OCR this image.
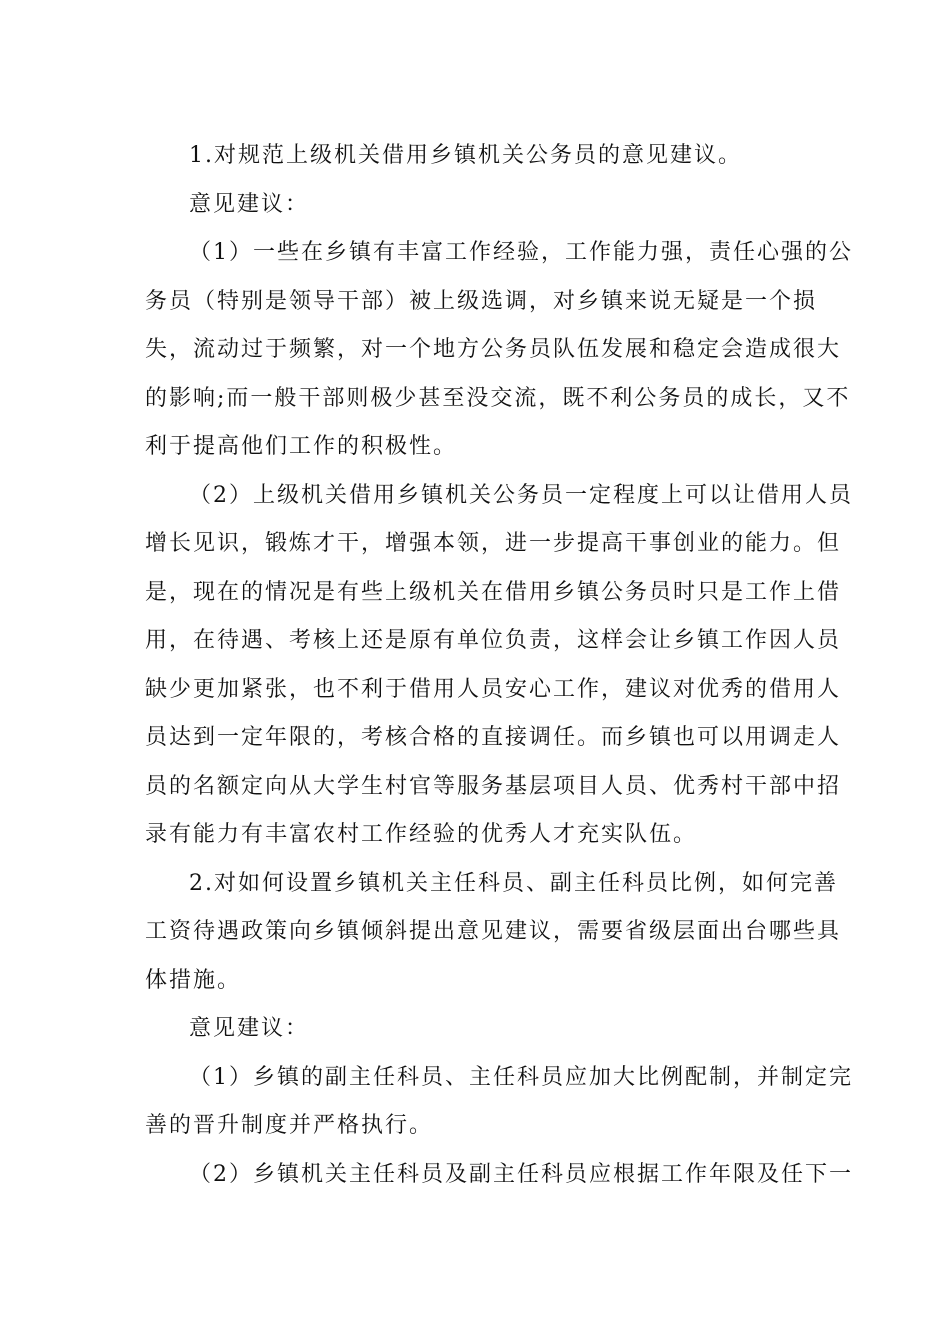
1.对规范上级机关借用乡镇机关公务员的意见建议。
意见建议：
（1）一些在乡镇有丰富工作经验，工作能力强，责任心强的公
务员（特别是领导干部）被上级选调，对乡镇来说无疑是一个损
失，流动过于频繁，对一个地方公务员队伍发展和稳定会造成很大
的影响;而一般干部则极少甚至没交流，既不利公务员的成长，又不
利于提高他们工作的积极性。
（2）上级机关借用乡镇机关公务员一定程度上可以让借用人员
增长见识，锻炼才干，增强本领，进一步提高干事创业的能力。但
是，现在的情况是有些上级机关在借用乡镇公务员时只是工作上借
用，在待遇、考核上还是原有单位负责，这样会让乡镇工作因人员
缺少更加紧张，也不利于借用人员安心工作，建议对优秀的借用人
员达到一定年限的，考核合格的直接调任。而乡镇也可以用调走人
员的名额定向从大学生村官等服务基层项目人员、优秀村干部中招
录有能力有丰富农村工作经验的优秀人才充实队伍。
2.对如何设置乡镇机关主任科员、副主任科员比例，如何完善
工资待遇政策向乡镇倾斜提出意见建议，需要省级层面出台哪些具
体措施。
意见建议：
（1）乡镇的副主任科员、主任科员应加大比例配制，并制定完
善的晋升制度并严格执行。
（2）乡镇机关主任科员及副主任科员应根据工作年限及任下一
